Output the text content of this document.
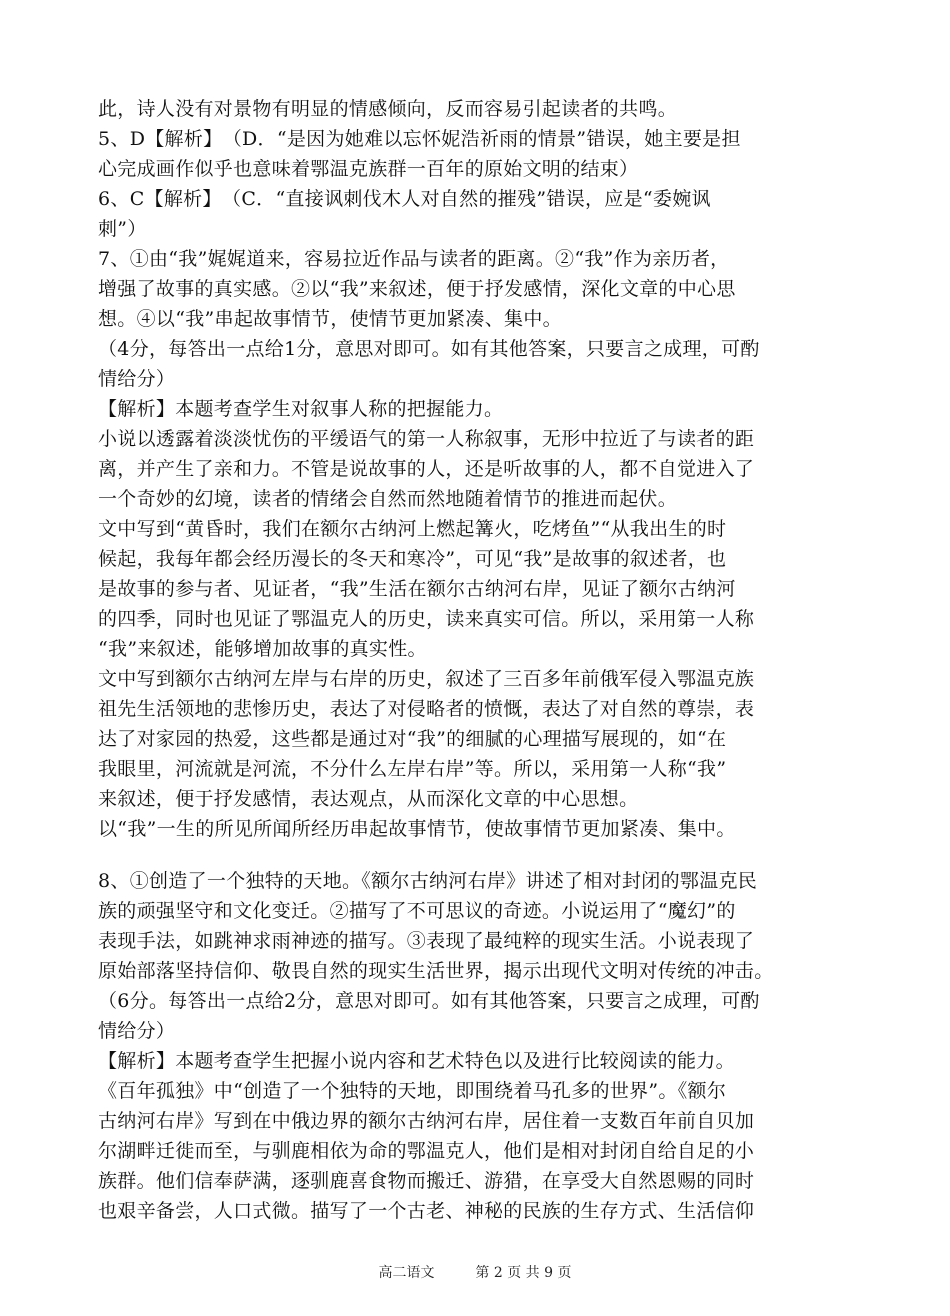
此，诗人没有对景物有明显的情感倾向，反而容易引起读者的共鸣。
5、D【解析】　（D．“是因为她难以忘怀妮浩祈雨的情景”错误，她主要是担
心完成画作似乎也意味着鄂温克族群一百年的原始文明的结束）
6、C【解析】　（C．“直接讽刺伐木人对自然的摧残”错误，应是“委婉讽
刺”）
7、①由“我”娓娓道来，容易拉近作品与读者的距离。②“我”作为亲历者，
增强了故事的真实感。②以“我”来叙述，便于抒发感情，深化文章的中心思
想。④以“我”串起故事情节，使情节更加紧凑、集中。
（4分，每答出一点给1分，意思对即可。如有其他答案，只要言之成理，可酌
情给分）
【解析】本题考查学生对叙事人称的把握能力。
小说以透露着淡淡忧伤的平缓语气的第一人称叙事，无形中拉近了与读者的距
离，并产生了亲和力。不管是说故事的人，还是听故事的人，都不自觉进入了
一个奇妙的幻境，读者的情绪会自然而然地随着情节的推进而起伏。
文中写到“黄昏时，我们在额尔古纳河上燃起篝火，吃烤鱼”“从我出生的时
候起，我每年都会经历漫长的冬天和寒冷”，可见“我”是故事的叙述者，也
是故事的参与者、见证者，“我”生活在额尔古纳河右岸，见证了额尔古纳河
的四季，同时也见证了鄂温克人的历史，读来真实可信。所以，采用第一人称
“我”来叙述，能够增加故事的真实性。
文中写到额尔古纳河左岸与右岸的历史，叙述了三百多年前俄军侵入鄂温克族
祖先生活领地的悲惨历史，表达了对侵略者的愤慨，表达了对自然的尊崇，表
达了对家园的热爱，这些都是通过对“我”的细腻的心理描写展现的，如“在
我眼里，河流就是河流，不分什么左岸右岸”等。所以，采用第一人称“我”
来叙述，便于抒发感情，表达观点，从而深化文章的中心思想。
以“我”一生的所见所闻所经历串起故事情节，使故事情节更加紧凑、集中。
8、①创造了一个独特的天地。《额尔古纳河右岸》讲述了相对封闭的鄂温克民
族的顽强坚守和文化变迁。②描写了不可思议的奇迹。小说运用了“魔幻”的
表现手法，如跳神求雨神迹的描写。③表现了最纯粹的现实生活。小说表现了
原始部落坚持信仰、敬畏自然的现实生活世界，揭示出现代文明对传统的冲击。
（6分。每答出一点给2分，意思对即可。如有其他答案，只要言之成理，可酌
情给分）
【解析】本题考查学生把握小说内容和艺术特色以及进行比较阅读的能力。
《百年孤独》中“创造了一个独特的天地，即围绕着马孔多的世界”。《额尔
古纳河右岸》写到在中俄边界的额尔古纳河右岸，居住着一支数百年前自贝加
尔湖畔迁徙而至，与驯鹿相依为命的鄂温克人，他们是相对封闭自给自足的小
族群。他们信奉萨满，逐驯鹿喜食物而搬迁、游猎，在享受大自然恩赐的同时
也艰辛备尝，人口式微。描写了一个古老、神秘的民族的生存方式、生活信仰
高二语文	第 2 页 共 9 页
